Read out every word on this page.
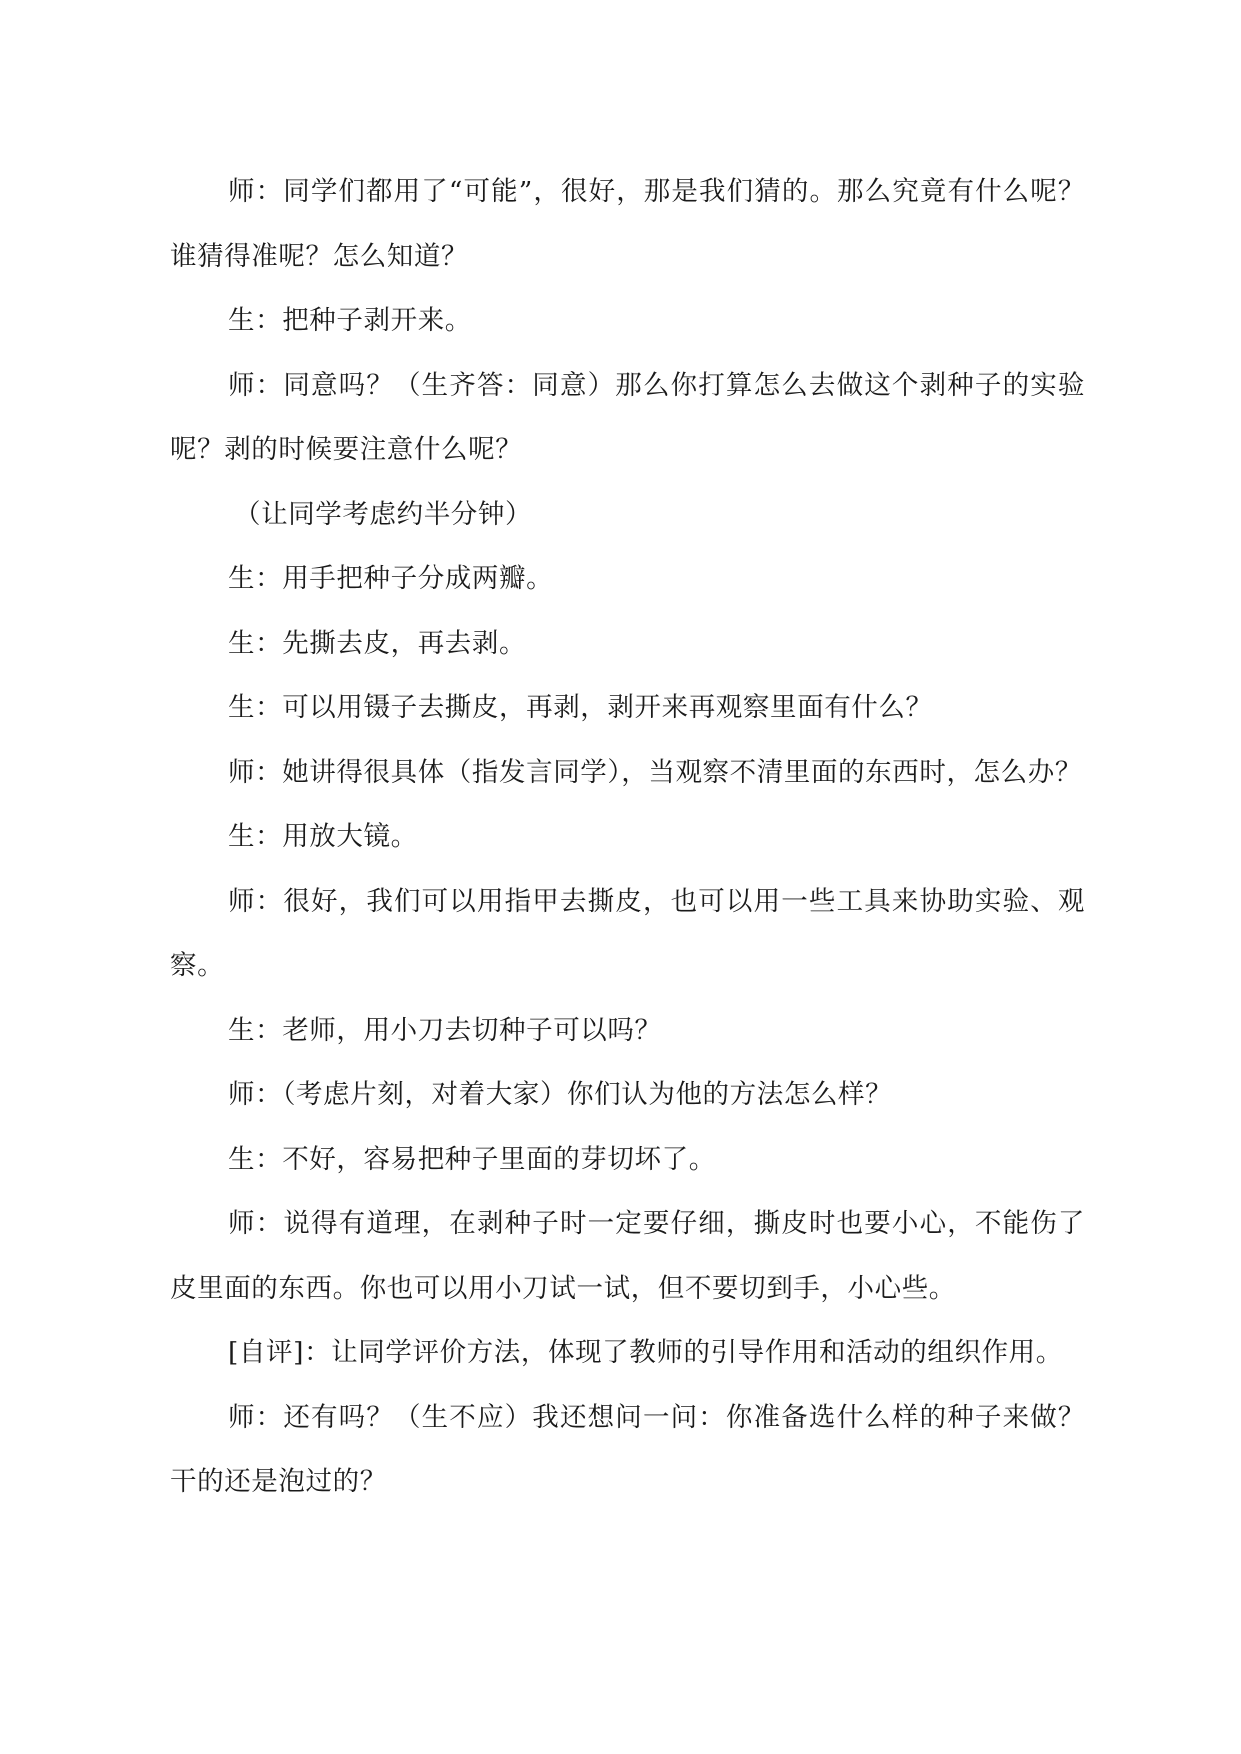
师：同学们都用了“可能”，很好，那是我们猜的。那么究竟有什么呢？谁猜得准呢？怎么知道？

生：把种子剥开来。

师：同意吗？（生齐答：同意）那么你打算怎么去做这个剥种子的实验呢？剥的时候要注意什么呢？

（让同学考虑约半分钟）

生：用手把种子分成两瓣。

生：先撕去皮，再去剥。

生：可以用镊子去撕皮，再剥，剥开来再观察里面有什么？

师：她讲得很具体（指发言同学），当观察不清里面的东西时，怎么办？

生：用放大镜。

师：很好，我们可以用指甲去撕皮，也可以用一些工具来协助实验、观察。

生：老师，用小刀去切种子可以吗？

师：（考虑片刻，对着大家）你们认为他的方法怎么样？

生：不好，容易把种子里面的芽切坏了。

师：说得有道理，在剥种子时一定要仔细，撕皮时也要小心，不能伤了皮里面的东西。你也可以用小刀试一试，但不要切到手，小心些。

[自评]：让同学评价方法，体现了教师的引导作用和活动的组织作用。

师：还有吗？（生不应）我还想问一问：你准备选什么样的种子来做？干的还是泡过的？
